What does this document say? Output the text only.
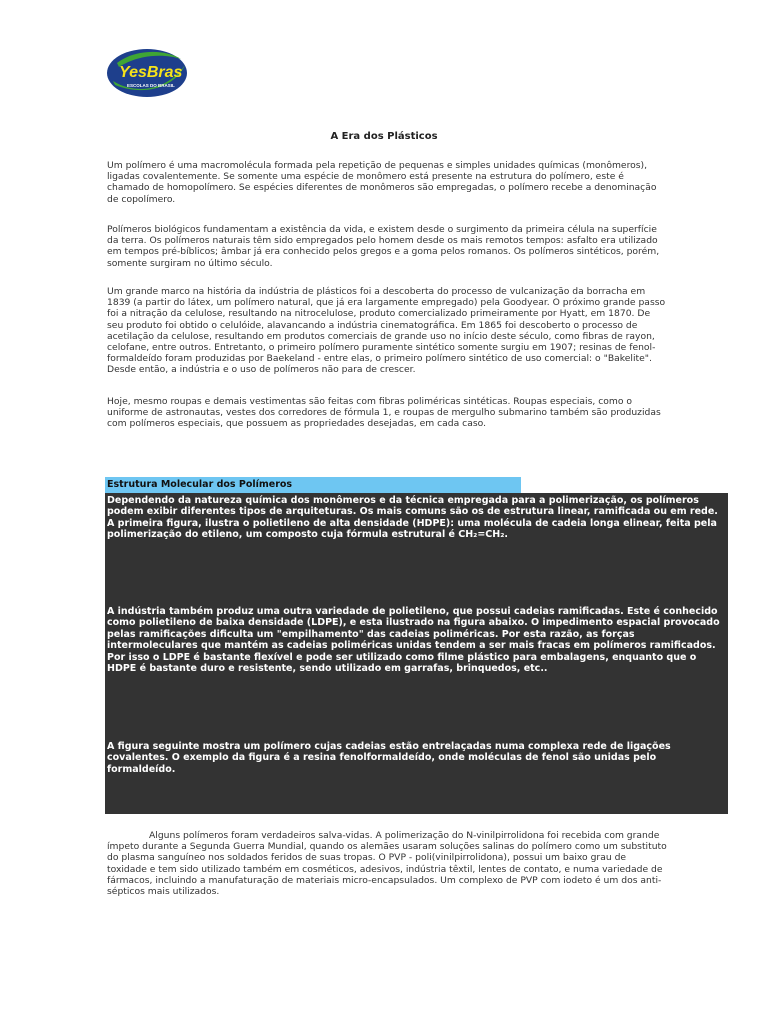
YesBras
ESCOLAS DO BRASIL
A Era dos Plásticos

Um polímero é uma macromolécula formada pela repetição de pequenas e simples unidades químicas (monômeros), ligadas covalentemente. Se somente uma espécie de monômero está presente na estrutura do polímero, este é chamado de homopolímero. Se espécies diferentes de monômeros são empregadas, o polímero recebe a denominação de copolímero.

Polímeros biológicos fundamentam a existência da vida, e existem desde o surgimento da primeira célula na superfície da terra. Os polímeros naturais têm sido empregados pelo homem desde os mais remotos tempos: asfalto era utilizado em tempos pré-bíblicos; âmbar já era conhecido pelos gregos e a goma pelos romanos. Os polímeros sintéticos, porém, somente surgiram no último século.

Um grande marco na história da indústria de plásticos foi a descoberta do processo de vulcanização da borracha em 1839 (a partir do látex, um polímero natural, que já era largamente empregado) pela Goodyear. O próximo grande passo foi a nitração da celulose, resultando na nitrocelulose, produto comercializado primeiramente por Hyatt, em 1870. De seu produto foi obtido o celulóide, alavancando a indústria cinematográfica. Em 1865 foi descoberto o processo de acetilação da celulose, resultando em produtos comerciais de grande uso no início deste século, como fibras de rayon, celofane, entre outros. Entretanto, o primeiro polímero puramente sintético somente surgiu em 1907; resinas de fenol-formaldeído foram produzidas por Baekeland - entre elas, o primeiro polímero sintético de uso comercial: o "Bakelite". Desde então, a indústria e o uso de polímeros não para de crescer.

Hoje, mesmo roupas e demais vestimentas são feitas com fibras poliméricas sintéticas. Roupas especiais, como o uniforme de astronautas, vestes dos corredores de fórmula 1, e roupas de mergulho submarino também são produzidas com polímeros especiais, que possuem as propriedades desejadas, em cada caso.

Estrutura Molecular dos Polímeros

Dependendo da natureza química dos monômeros e da técnica empregada para a polimerização, os polímeros podem exibir diferentes tipos de arquiteturas. Os mais comuns são os de estrutura linear, ramificada ou em rede. A primeira figura, ilustra o polietileno de alta densidade (HDPE): uma molécula de cadeia longa elinear, feita pela polimerização do etileno, um composto cuja fórmula estrutural é CH₂=CH₂.

A indústria também produz uma outra variedade de polietileno, que possui cadeias ramificadas. Este é conhecido como polietileno de baixa densidade (LDPE), e esta ilustrado na figura abaixo. O impedimento espacial provocado pelas ramificações dificulta um "empilhamento" das cadeias poliméricas. Por esta razão, as forças intermoleculares que mantém as cadeias poliméricas unidas tendem a ser mais fracas em polímeros ramificados. Por isso o LDPE é bastante flexível e pode ser utilizado como filme plástico para embalagens, enquanto que o HDPE é bastante duro e resistente, sendo utilizado em garrafas, brinquedos, etc..

A figura seguinte mostra um polímero cujas cadeias estão entrelaçadas numa complexa rede de ligações covalentes. O exemplo da figura é a resina fenolformaldeído, onde moléculas de fenol são unidas pelo formaldeído.

Alguns polímeros foram verdadeiros salva-vidas. A polimerização do N-vinilpirrolidona foi recebida com grande ímpeto durante a Segunda Guerra Mundial, quando os alemães usaram soluções salinas do polímero como um substituto do plasma sanguíneo nos soldados feridos de suas tropas. O PVP - poli(vinilpirrolidona), possui um baixo grau de toxidade e tem sido utilizado também em cosméticos, adesivos, indústria têxtil, lentes de contato, e numa variedade de fármacos, incluindo a manufaturação de materiais micro-encapsulados. Um complexo de PVP com iodeto é um dos anti-sépticos mais utilizados.
